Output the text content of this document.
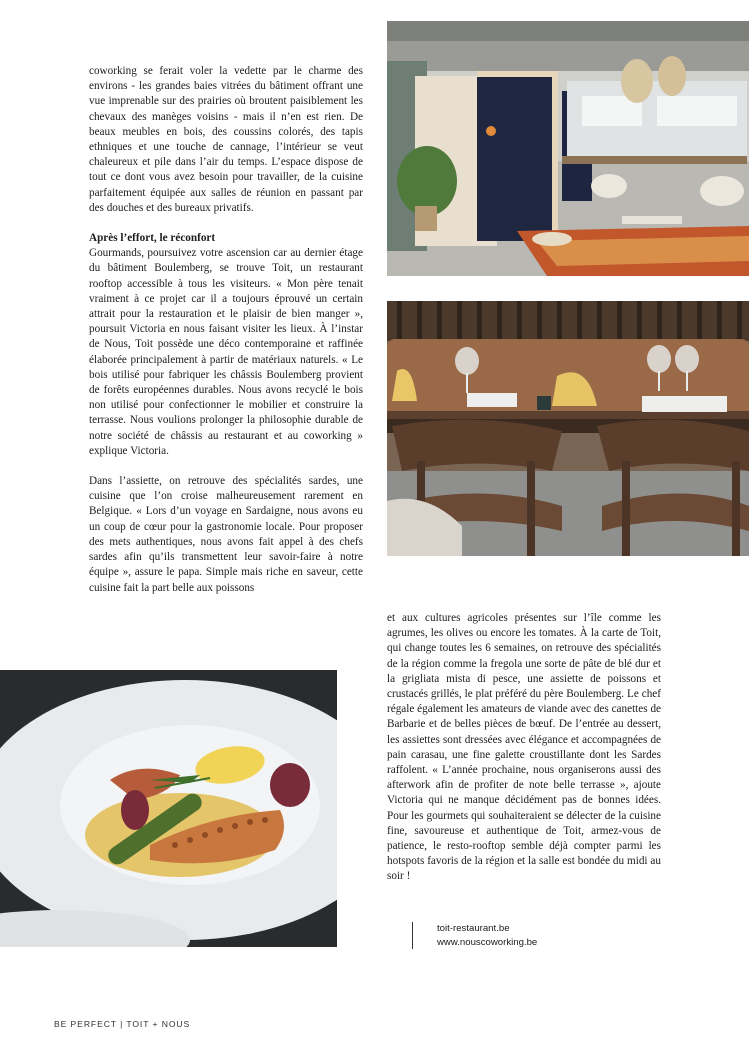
coworking se ferait voler la vedette par le charme des environs - les grandes baies vitrées du bâtiment offrant une vue imprenable sur des prairies où broutent paisiblement les chevaux des manèges voisins - mais il n’en est rien. De beaux meubles en bois, des coussins colorés, des tapis ethniques et une touche de cannage, l’intérieur se veut chaleureux et pile dans l’air du temps. L’espace dispose de tout ce dont vous avez besoin pour travailler, de la cuisine parfaitement équipée aux salles de réunion en passant par des douches et des bureaux privatifs.

Après l’effort, le réconfort
Gourmands, poursuivez votre ascension car au dernier étage du bâtiment Boulemberg, se trouve Toit, un restaurant rooftop accessible à tous les visiteurs. « Mon père tenait vraiment à ce projet car il a toujours éprouvé un certain attrait pour la restauration et le plaisir de bien manger », poursuit Victoria en nous faisant visiter les lieux. À l’instar de Nous, Toit possède une déco contemporaine et raffinée élaborée principalement à partir de matériaux naturels. « Le bois utilisé pour fabriquer les châssis Boulemberg provient de forêts européennes durables. Nous avons recyclé le bois non utilisé pour confectionner le mobilier et construire la terrasse. Nous voulions prolonger la philosophie durable de notre société de châssis au restaurant et au coworking » explique Victoria.

Dans l’assiette, on retrouve des spécialités sardes, une cuisine que l’on croise malheureusement rarement en Belgique. « Lors d’un voyage en Sardaigne, nous avons eu un coup de cœur pour la gastronomie locale. Pour proposer des mets authentiques, nous avons fait appel à des chefs sardes afin qu’ils transmettent leur savoir-faire à notre équipe », assure le papa. Simple mais riche en saveur, cette cuisine fait la part belle aux poissons

et aux cultures agricoles présentes sur l’île comme les agrumes, les olives ou encore les tomates. À la carte de Toit, qui change toutes les 6 semaines, on retrouve des spécialités de la région comme la fregola une sorte de pâte de blé dur et la grigliata mista di pesce, une assiette de poissons et crustacés grillés, le plat préféré du père Boulemberg. Le chef régale également les amateurs de viande avec des canettes de Barbarie et de belles pièces de bœuf. De l’entrée au dessert, les assiettes sont dressées avec élégance et accompagnées de pain carasau, une fine galette croustillante dont les Sardes raffolent. « L’année prochaine, nous organiserons aussi des afterwork afin de profiter de note belle terrasse », ajoute Victoria qui ne manque décidément pas de bonnes idées. Pour les gourmets qui souhaiteraient se délecter de la cuisine fine, savoureuse et authentique de Toit, armez-vous de patience, le resto-rooftop semble déjà compter parmi les hotspots favoris de la région et la salle est bondée du midi au soir !

toit-restaurant.be
www.nouscoworking.be
BE PERFECT | TOIT + NOUS
